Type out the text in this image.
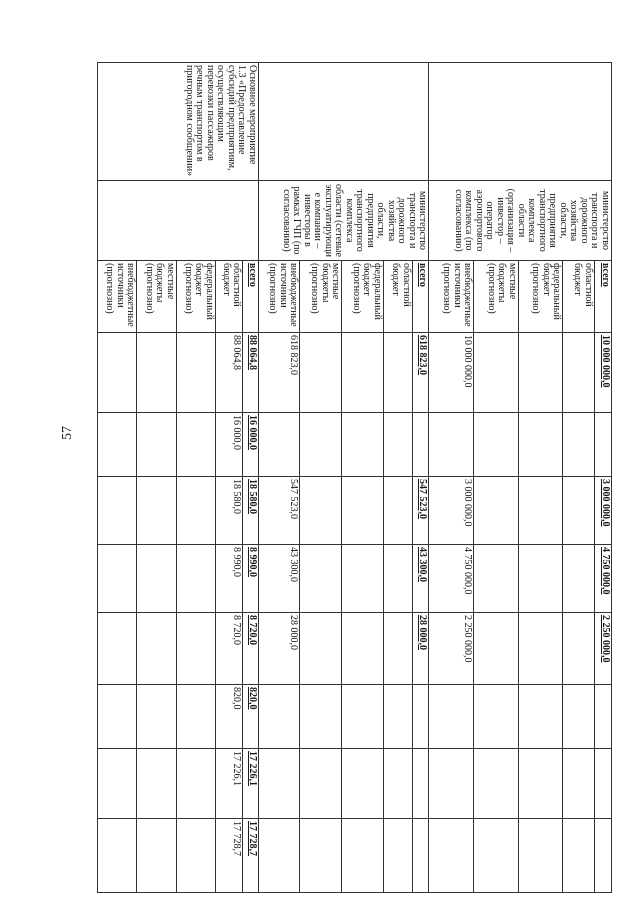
57
	министерство транспорта и дорожного хозяйства области, предприятия транспортного комплекса области (организация – инвестор – оператор аэропортового комплекса (по согласованию)	всего	10 000 000,0		3 000 000,0	4 750 000,0	2 250 000,0			
		областной бюджет								
		федеральный бюджет (прогнозно)								
		местные бюджеты (прогнозно)								
		внебюджетные источники (прогнозно)	10 000 000,0		3 000 000,0	4 750 000,0	2 250 000,0			
	министерство транспорта и дорожного хозяйства области, предприятия транспортного комплекса области (сетевые эксплуатирующие компании – инвесторы в рамках ГЧП (по согласованию)	всего	618 823,0		547 523,0	43 300,0	28 000,0			
		областной бюджет								
		федеральный бюджет (прогнозно)								
		местные бюджеты (прогнозно)								
		внебюджетные источники (прогнозно)	618 823,0		547 523,0	43 300,0	28 000,0			
Основное мероприятие 1.3 «Предоставление субсидий предприятиям, осуществляющим перевозки пассажиров речным транспортом в пригородном сообщении»		всего	88 064,8	16 000,0	18 580,0	8 990,0	8 720,0	820,0	17 226,1	17 728,7
		областной бюджет	88 064,8	16 000,0	18 580,0	8 990,0	8 720,0	820,0	17 226,1	17 728,7
		федеральный бюджет (прогнозно)								
		местные бюджеты (прогнозно)								
		внебюджетные источники (прогнозно)								
